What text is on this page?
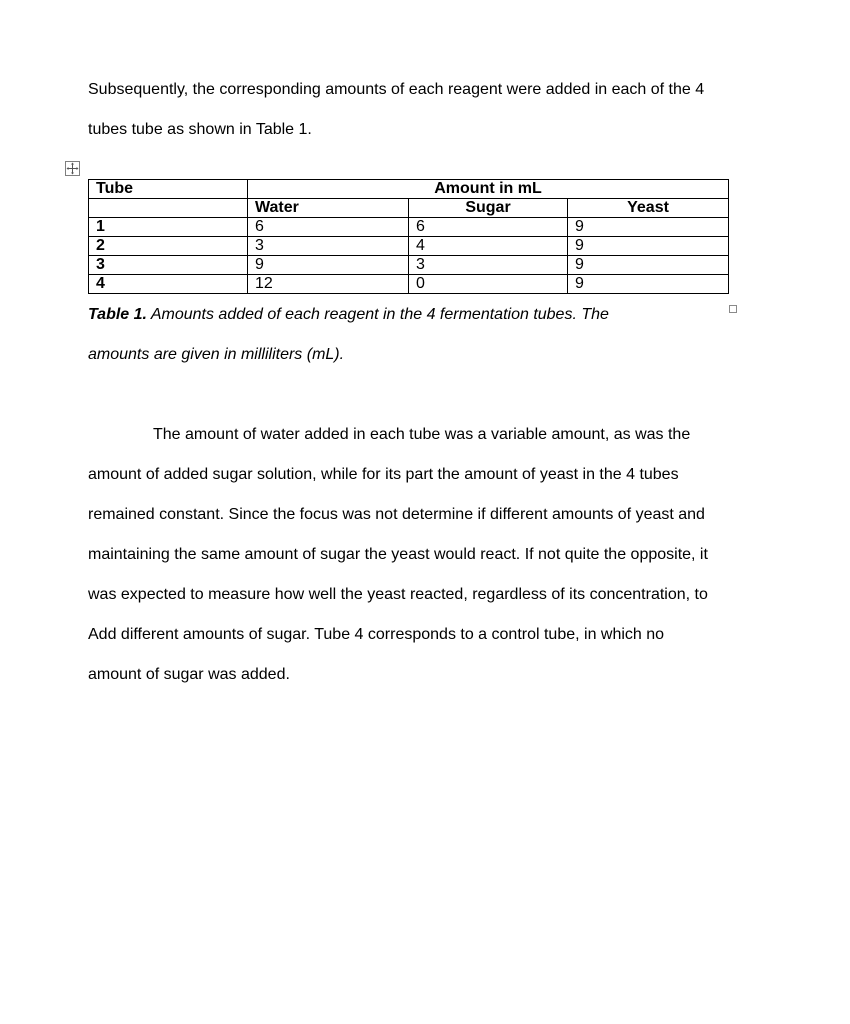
Subsequently, the corresponding amounts of each reagent were added in each of the 4
tubes tube as shown in Table 1.

Tube	Amount in mL		
	Water	Sugar	Yeast
1	6	6	9
2	3	4	9
3	9	3	9
4	12	0	9

Table 1. Amounts added of each reagent in the 4 fermentation tubes. The
amounts are given in milliliters (mL).

The amount of water added in each tube was a variable amount, as was the
amount of added sugar solution, while for its part the amount of yeast in the 4 tubes
remained constant. Since the focus was not determine if different amounts of yeast and
maintaining the same amount of sugar the yeast would react. If not quite the opposite, it
was expected to measure how well the yeast reacted, regardless of its concentration, to
Add different amounts of sugar. Tube 4 corresponds to a control tube, in which no
amount of sugar was added.
